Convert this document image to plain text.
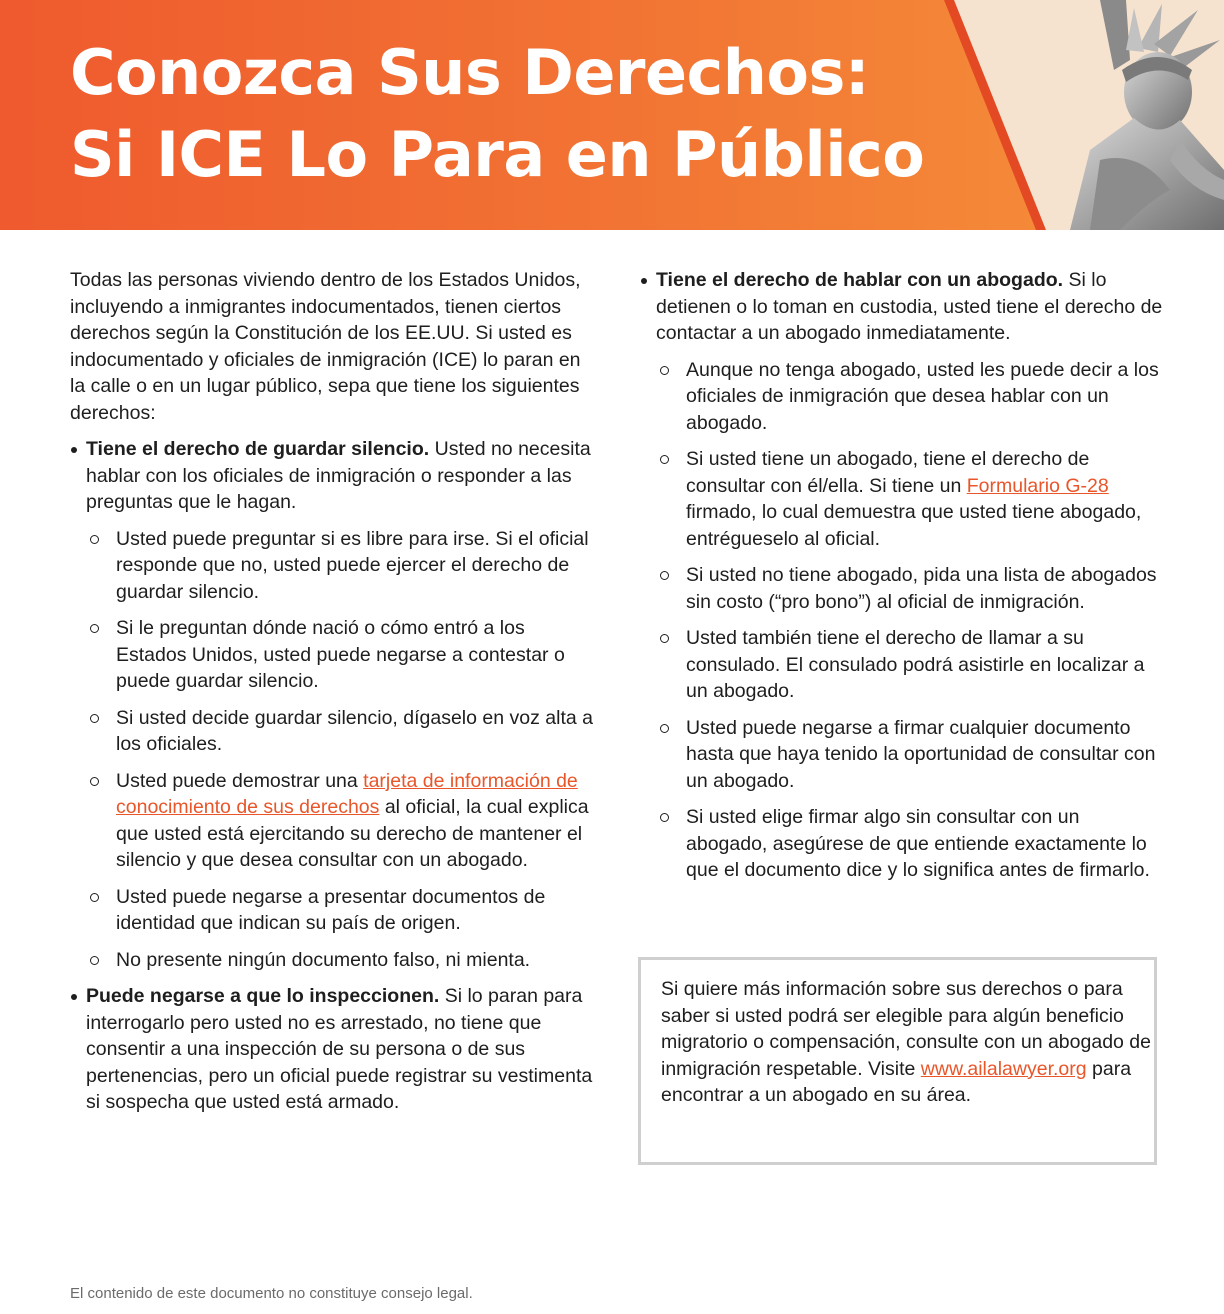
Conozca Sus Derechos:
Si ICE Lo Para en Público

Todas las personas viviendo dentro de los Estados Unidos, incluyendo a inmigrantes indocumentados, tienen ciertos derechos según la Constitución de los EE.UU. Si usted es indocumentado y oficiales de inmigración (ICE) lo paran en la calle o en un lugar público, sepa que tiene los siguientes derechos:

Tiene el derecho de guardar silencio. Usted no necesita hablar con los oficiales de inmigración o responder a las preguntas que le hagan.
Usted puede preguntar si es libre para irse. Si el oficial responde que no, usted puede ejercer el derecho de guardar silencio.
Si le preguntan dónde nació o cómo entró a los Estados Unidos, usted puede negarse a contestar o puede guardar silencio.
Si usted decide guardar silencio, dígaselo en voz alta a los oficiales.
Usted puede demostrar una tarjeta de información de conocimiento de sus derechos al oficial, la cual explica que usted está ejercitando su derecho de mantener el silencio y que desea consultar con un abogado.
Usted puede negarse a presentar documentos de identidad que indican su país de origen.
No presente ningún documento falso, ni mienta.
Puede negarse a que lo inspeccionen. Si lo paran para interrogarlo pero usted no es arrestado, no tiene que consentir a una inspección de su persona o de sus pertenencias, pero un oficial puede registrar su vestimenta si sospecha que usted está armado.
Tiene el derecho de hablar con un abogado. Si lo detienen o lo toman en custodia, usted tiene el derecho de contactar a un abogado inmediatamente.
Aunque no tenga abogado, usted les puede decir a los oficiales de inmigración que desea hablar con un abogado.
Si usted tiene un abogado, tiene el derecho de consultar con él/ella. Si tiene un Formulario G-28 firmado, lo cual demuestra que usted tiene abogado, entrégueselo al oficial.
Si usted no tiene abogado, pida una lista de abogados sin costo (“pro bono”) al oficial de inmigración.
Usted también tiene el derecho de llamar a su consulado. El consulado podrá asistirle en localizar a un abogado.
Usted puede negarse a firmar cualquier documento hasta que haya tenido la oportunidad de consultar con un abogado.
Si usted elige firmar algo sin consultar con un abogado, asegúrese de que entiende exactamente lo que el documento dice y lo significa antes de firmarlo.
Si quiere más información sobre sus derechos o para saber si usted podrá ser elegible para algún beneficio migratorio o compensación, consulte con un abogado de inmigración respetable. Visite www.ailalawyer.org para encontrar a un abogado en su área.
El contenido de este documento no constituye consejo legal.
